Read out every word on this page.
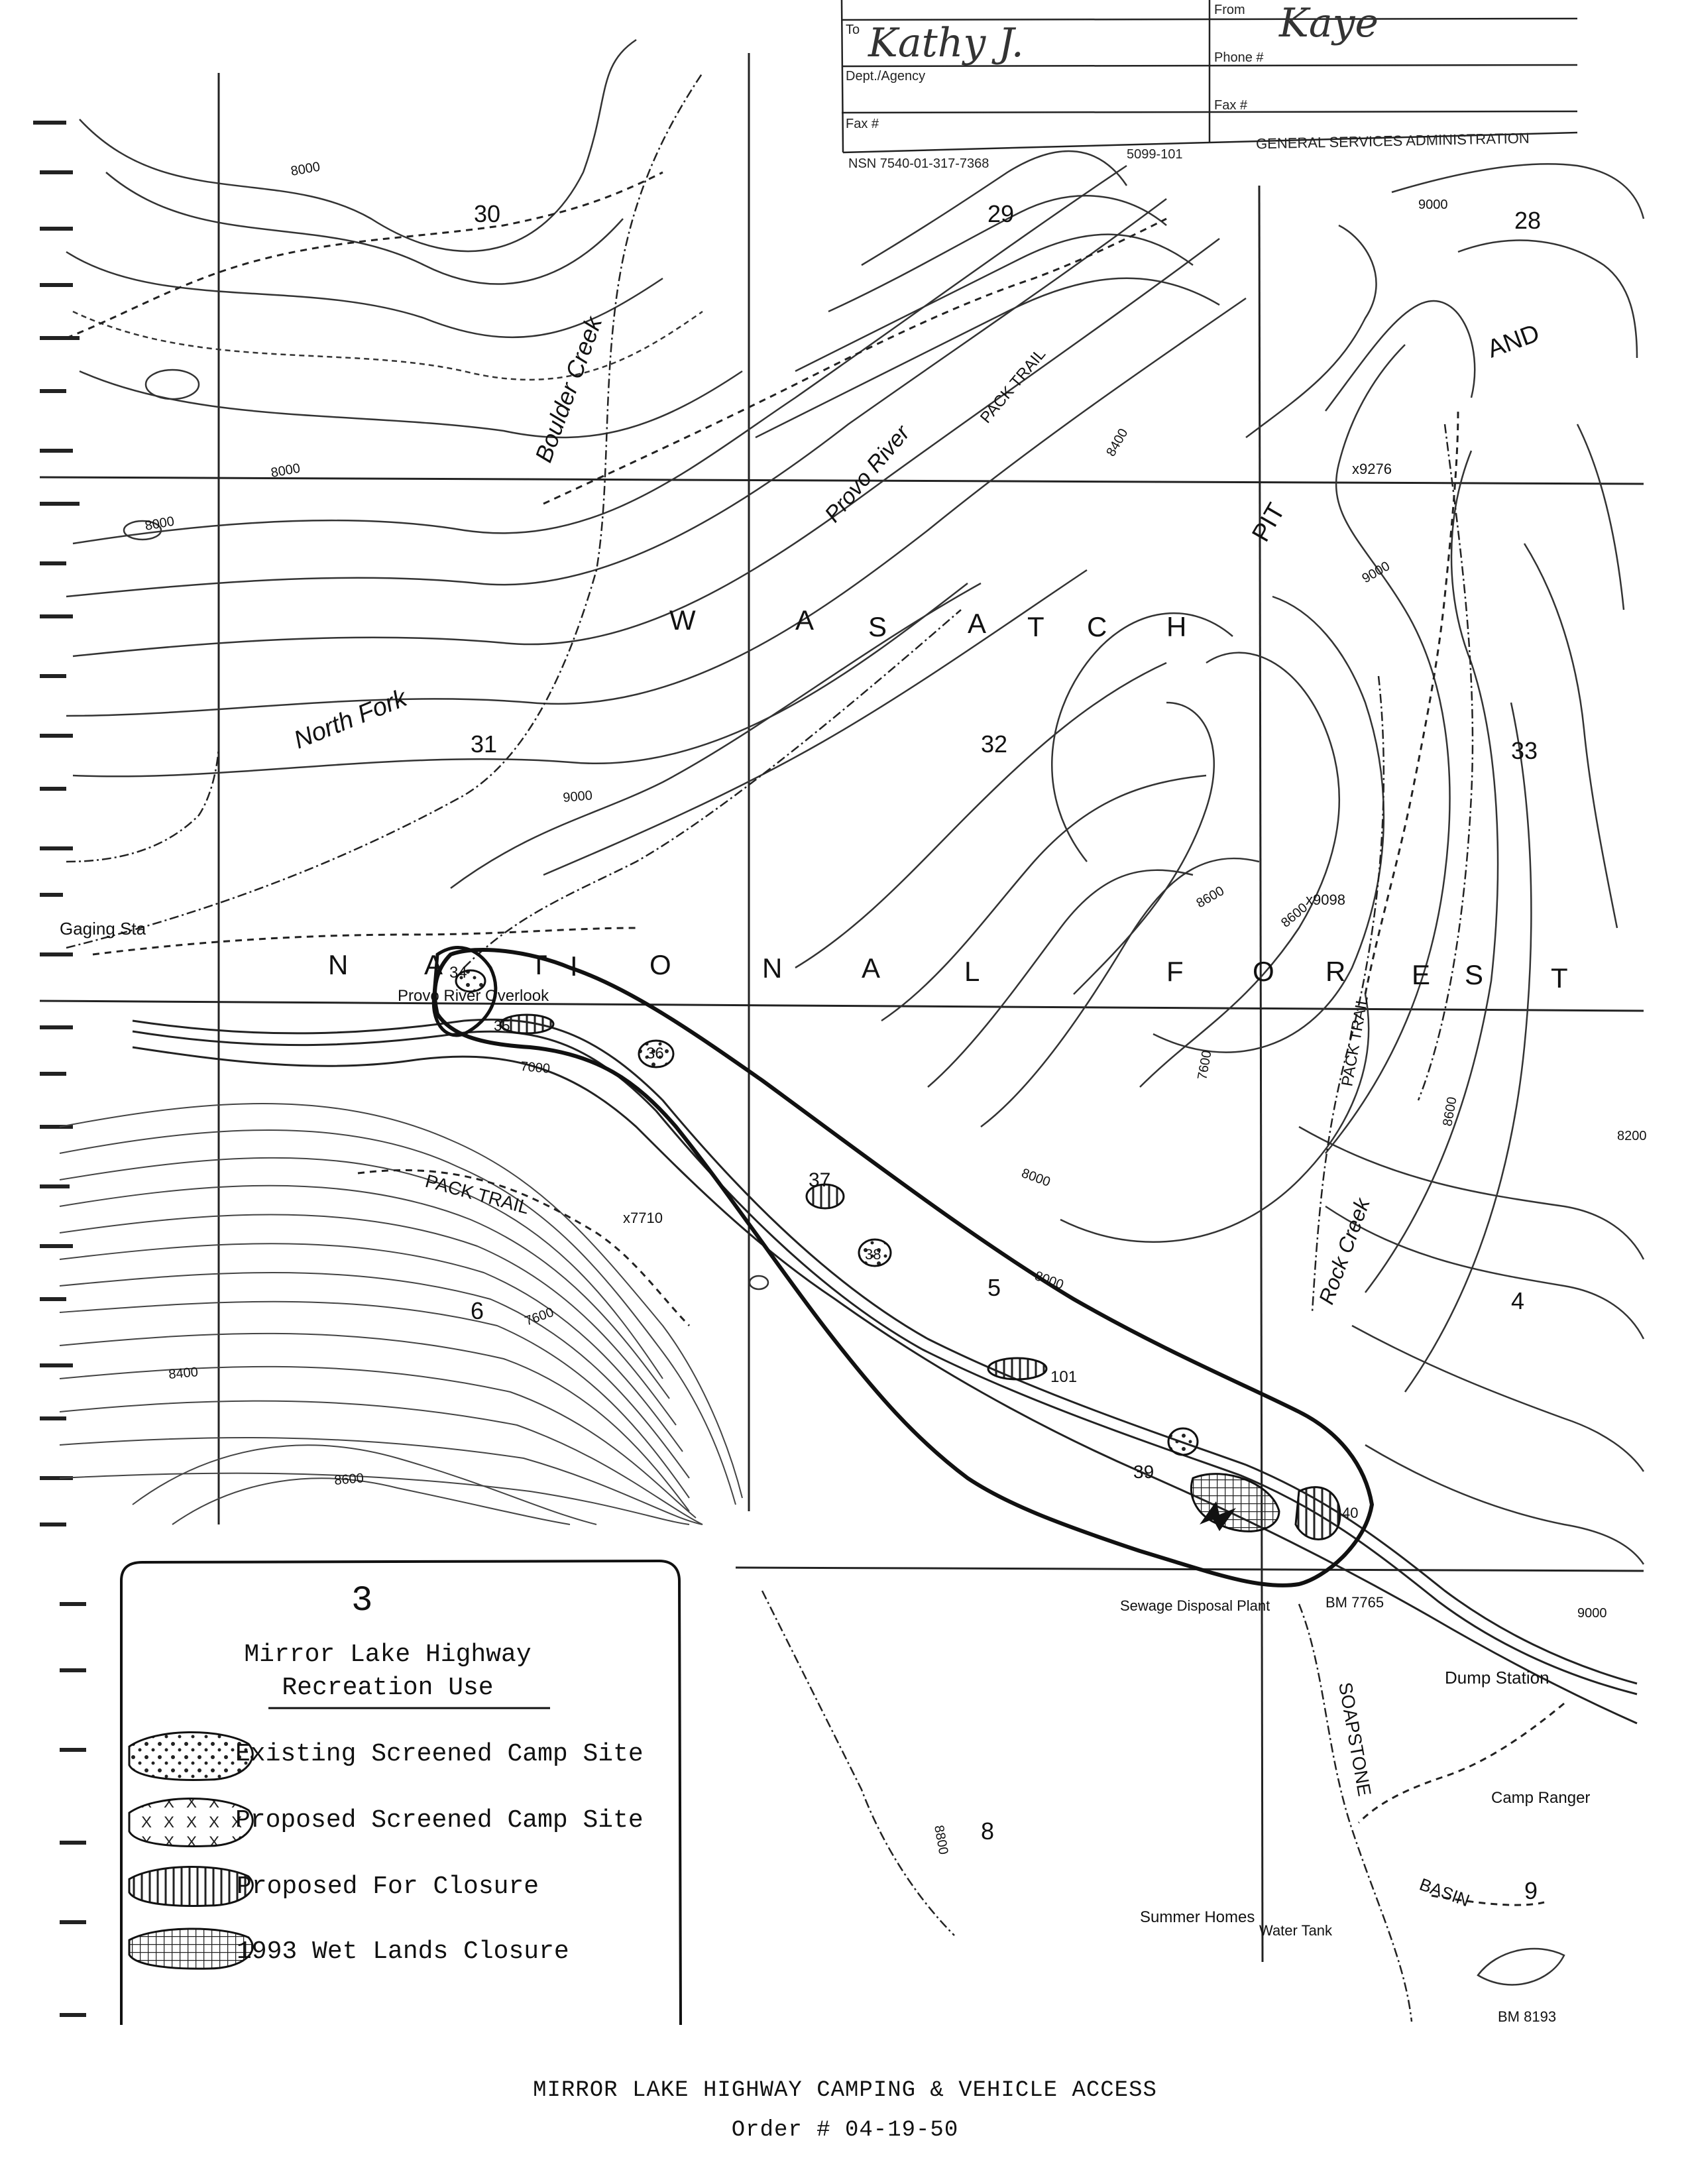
30	29	28
31	32	33
6
5	4
8
9
W	A S	A T C H
N	A	T I	O	N	A	L	F O R E S T
AND
PIT
Boulder Creek
North Fork
Provo River
Rock Creek
PACK TRAIL
PACK TRAIL
PACK TRAIL
Gaging Sta
Provo River Overlook
Sewage Disposal Plant
Dump Station
Camp Ranger
SOAPSTONE
BASIN
Summer Homes
Water Tank
BM 7765
BM 8193
x9276
x9098
x7710
34
35
36
37
38
39
40
101
8000
8000
8000
8000
8400
8600
8600
9000
9000
9000
7000
7600
8400
8600
8800
9000
8200
7600
8000
8600
To Kathy J.
From Kaye
Dept./Agency
Phone #
Fax #
Fax #
NSN 7540-01-317-7368
5099-101
GENERAL SERVICES ADMINISTRATION
3
Mirror Lake Highway
Recreation Use
Existing Screened Camp Site
Proposed Screened Camp Site
Proposed For Closure
1993 Wet Lands Closure
MIRROR LAKE HIGHWAY CAMPING & VEHICLE ACCESS
Order # 04-19-50
